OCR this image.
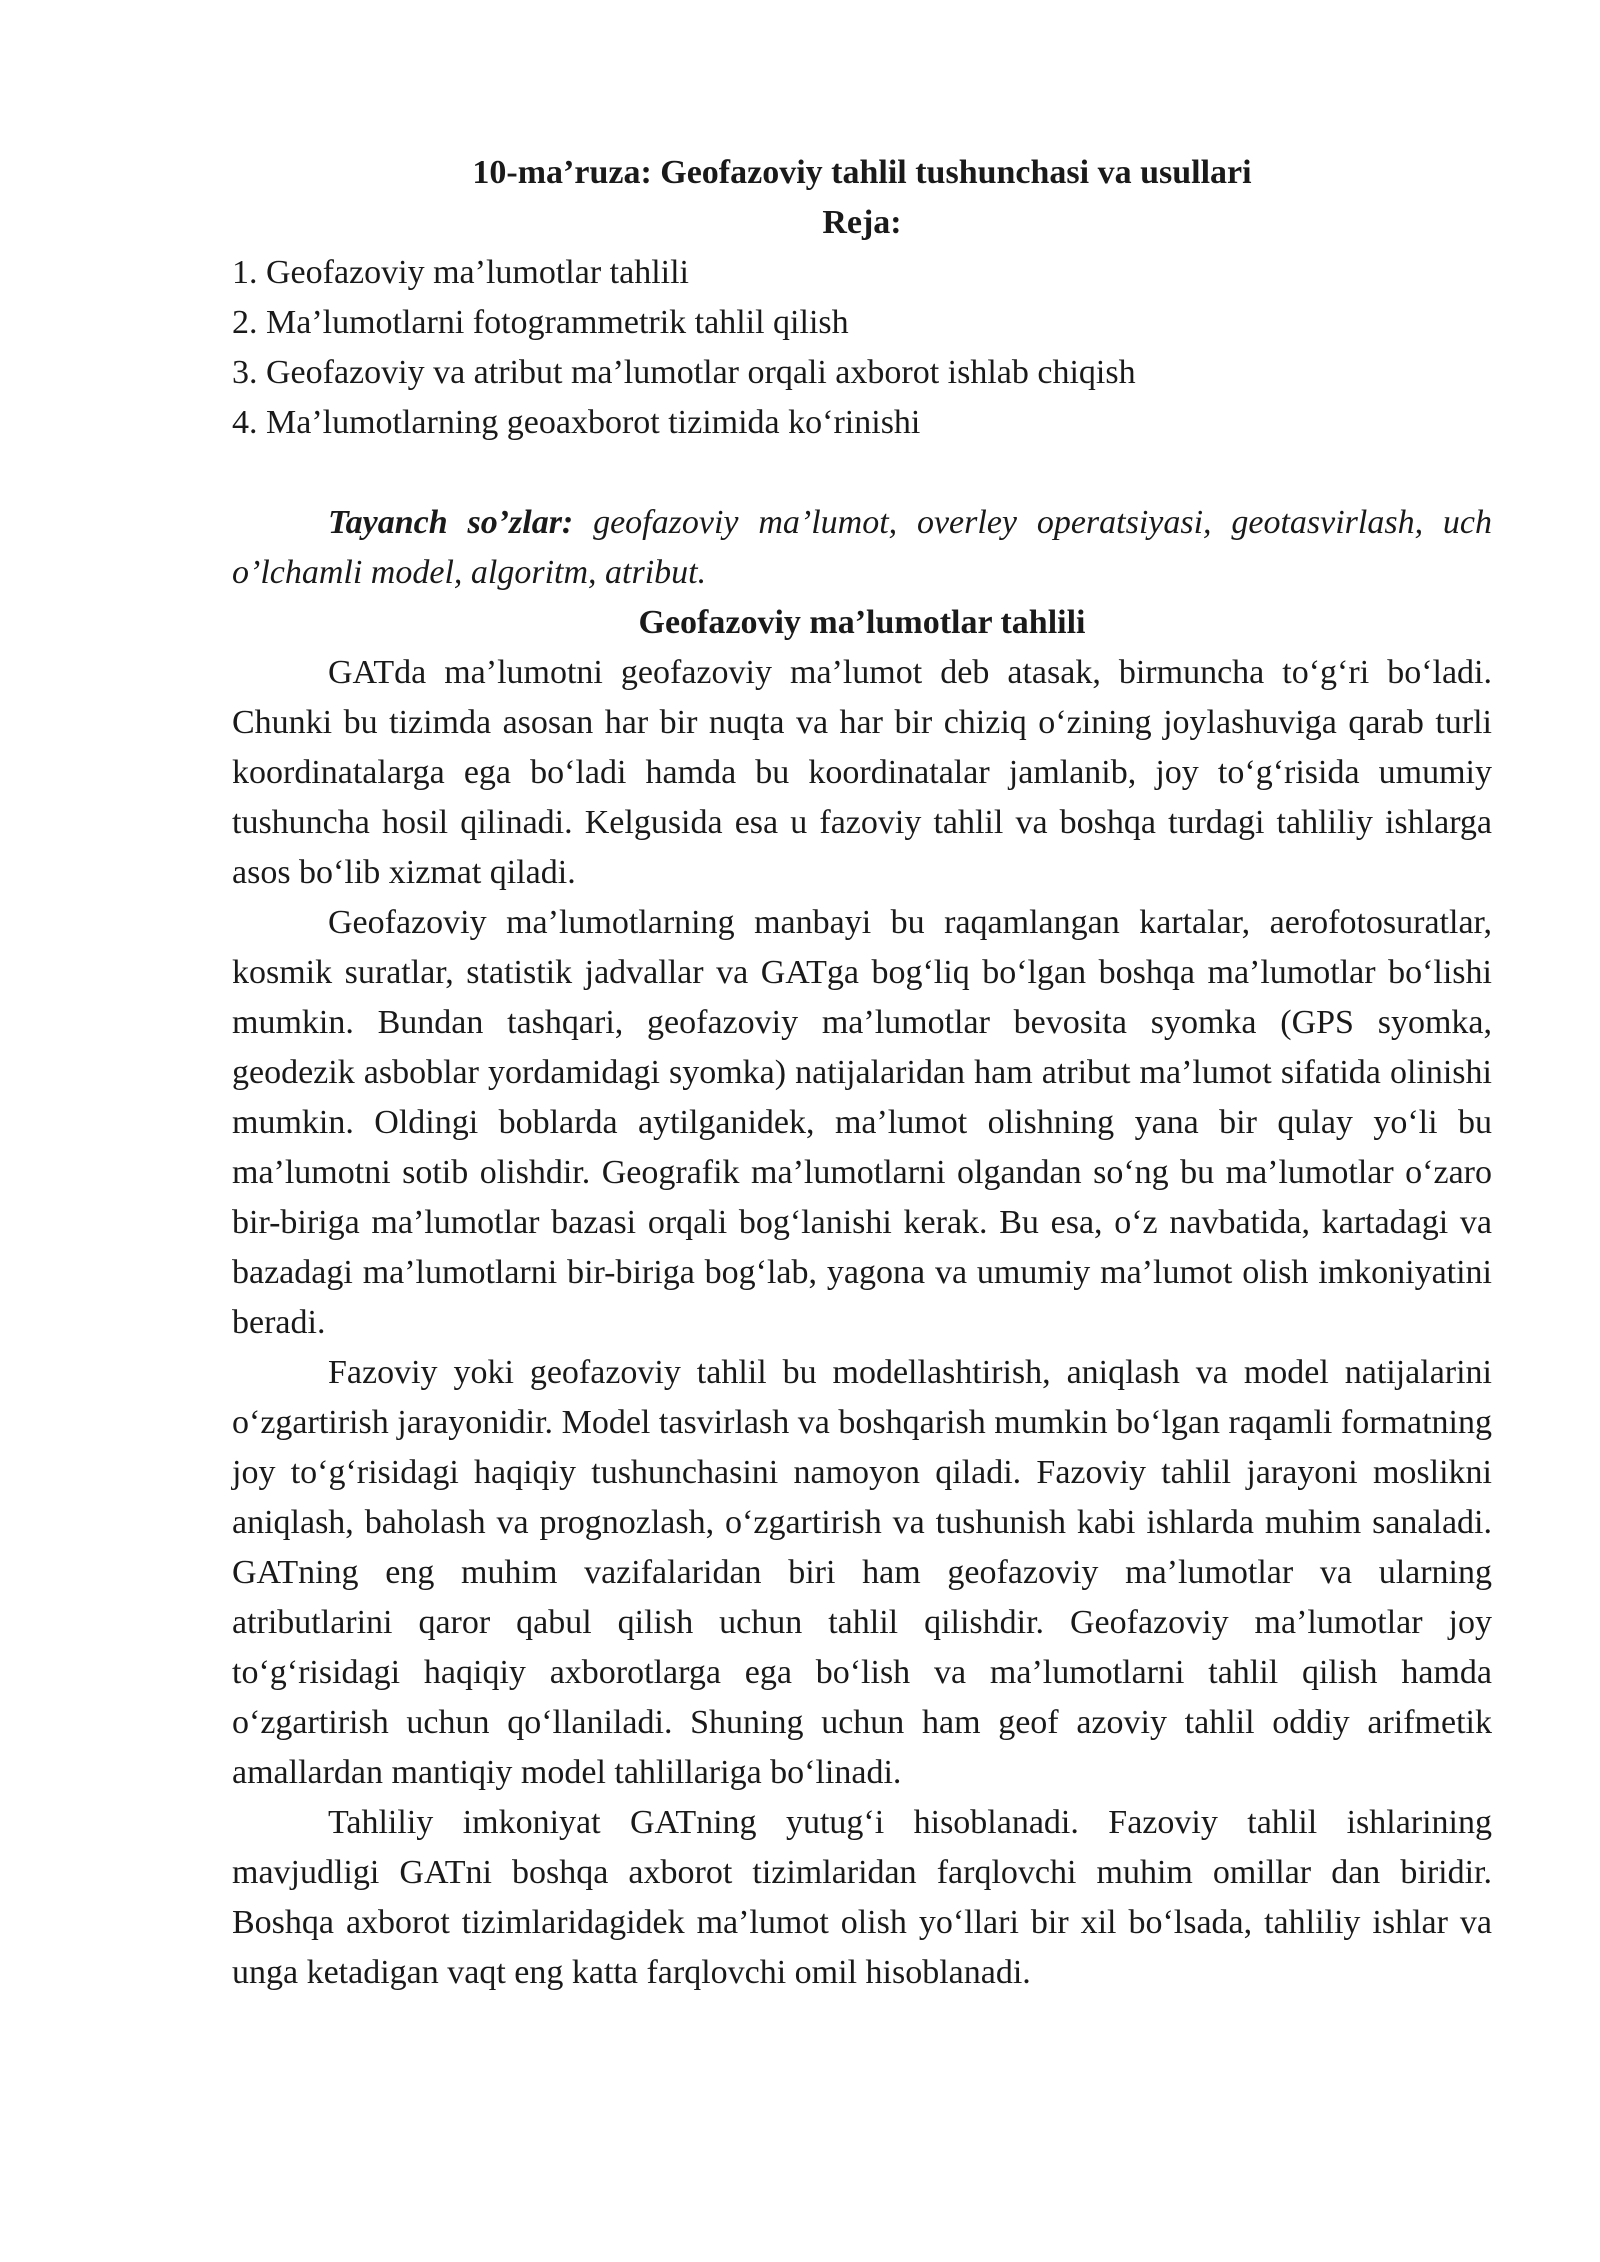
10-ma’ruza: Geofazoviy tahlil tushunchasi va usullari

Reja:

1. Geofazoviy ma’lumotlar tahlili
2. Ma’lumotlarni fotogrammetrik tahlil qilish
3. Geofazoviy va atribut ma’lumotlar orqali axborot ishlab chiqish
4. Ma’lumotlarning geoaxborot tizimida ko‘rinishi

Tayanch so’zlar: geofazoviy ma’lumot, overley operatsiyasi, geotasvirlash, uch o’lchamli model, algoritm, atribut.

Geofazoviy ma’lumotlar tahlili

GATda ma’lumotni geofazoviy ma’lumot deb atasak, birmuncha to‘g‘ri bo‘ladi. Chunki bu tizimda asosan har bir nuqta va har bir chiziq o‘zining joylashuviga qarab turli koordinatalarga ega bo‘ladi hamda bu koordinatalar jamlanib, joy to‘g‘risida umumiy tushuncha hosil qilinadi. Kelgusida esa u fazoviy tahlil va boshqa turdagi tahliliy ishlarga asos bo‘lib xizmat qiladi.

Geofazoviy ma’lumotlarning manbayi bu raqamlangan kartalar, aerofotosuratlar, kosmik suratlar, statistik jadvallar va GATga bog‘liq bo‘lgan boshqa ma’lumotlar bo‘lishi mumkin. Bundan tashqari, geofazoviy ma’lumotlar bevosita syomka (GPS syomka, geodezik asboblar yordamidagi syomka) natijalaridan ham atribut ma’lumot sifatida olinishi mumkin. Oldingi boblarda aytilganidek, ma’lumot olishning yana bir qulay yo‘li bu ma’lumotni sotib olishdir. Geografik ma’lumotlarni olgandan so‘ng bu ma’lumotlar o‘zaro bir-biriga ma’lumotlar bazasi orqali bog‘lanishi kerak. Bu esa, o‘z navbatida, kartadagi va bazadagi ma’lumotlarni bir-biriga bog‘lab, yagona va umumiy ma’lumot olish imkoniyatini beradi.

Fazoviy yoki geofazoviy tahlil bu modellashtirish, aniqlash va model natijalarini o‘zgartirish jarayonidir. Model tasvirlash va boshqarish mumkin bo‘lgan raqamli formatning joy to‘g‘risidagi haqiqiy tushunchasini namoyon qiladi. Fazoviy tahlil jarayoni moslikni aniqlash, baholash va prognozlash, o‘zgartirish va tushunish kabi ishlarda muhim sanaladi. GATning eng muhim vazifalaridan biri ham geofazoviy ma’lumotlar va ularning atributlarini qaror qabul qilish uchun tahlil qilishdir. Geofazoviy ma’lumotlar joy to‘g‘risidagi haqiqiy axborotlarga ega bo‘lish va ma’lumotlarni tahlil qilish hamda o‘zgartirish uchun qo‘llaniladi. Shuning uchun ham geof azoviy tahlil oddiy arifmetik amallardan mantiqiy model tahlillariga bo‘linadi.

Tahliliy imkoniyat GATning yutug‘i hisoblanadi. Fazoviy tahlil ishlarining mavjudligi GATni boshqa axborot tizimlaridan farqlovchi muhim omillar dan biridir. Boshqa axborot tizimlaridagidek ma’lumot olish yo‘llari bir xil bo‘lsada, tahliliy ishlar va unga ketadigan vaqt eng katta farqlovchi omil hisoblanadi.
